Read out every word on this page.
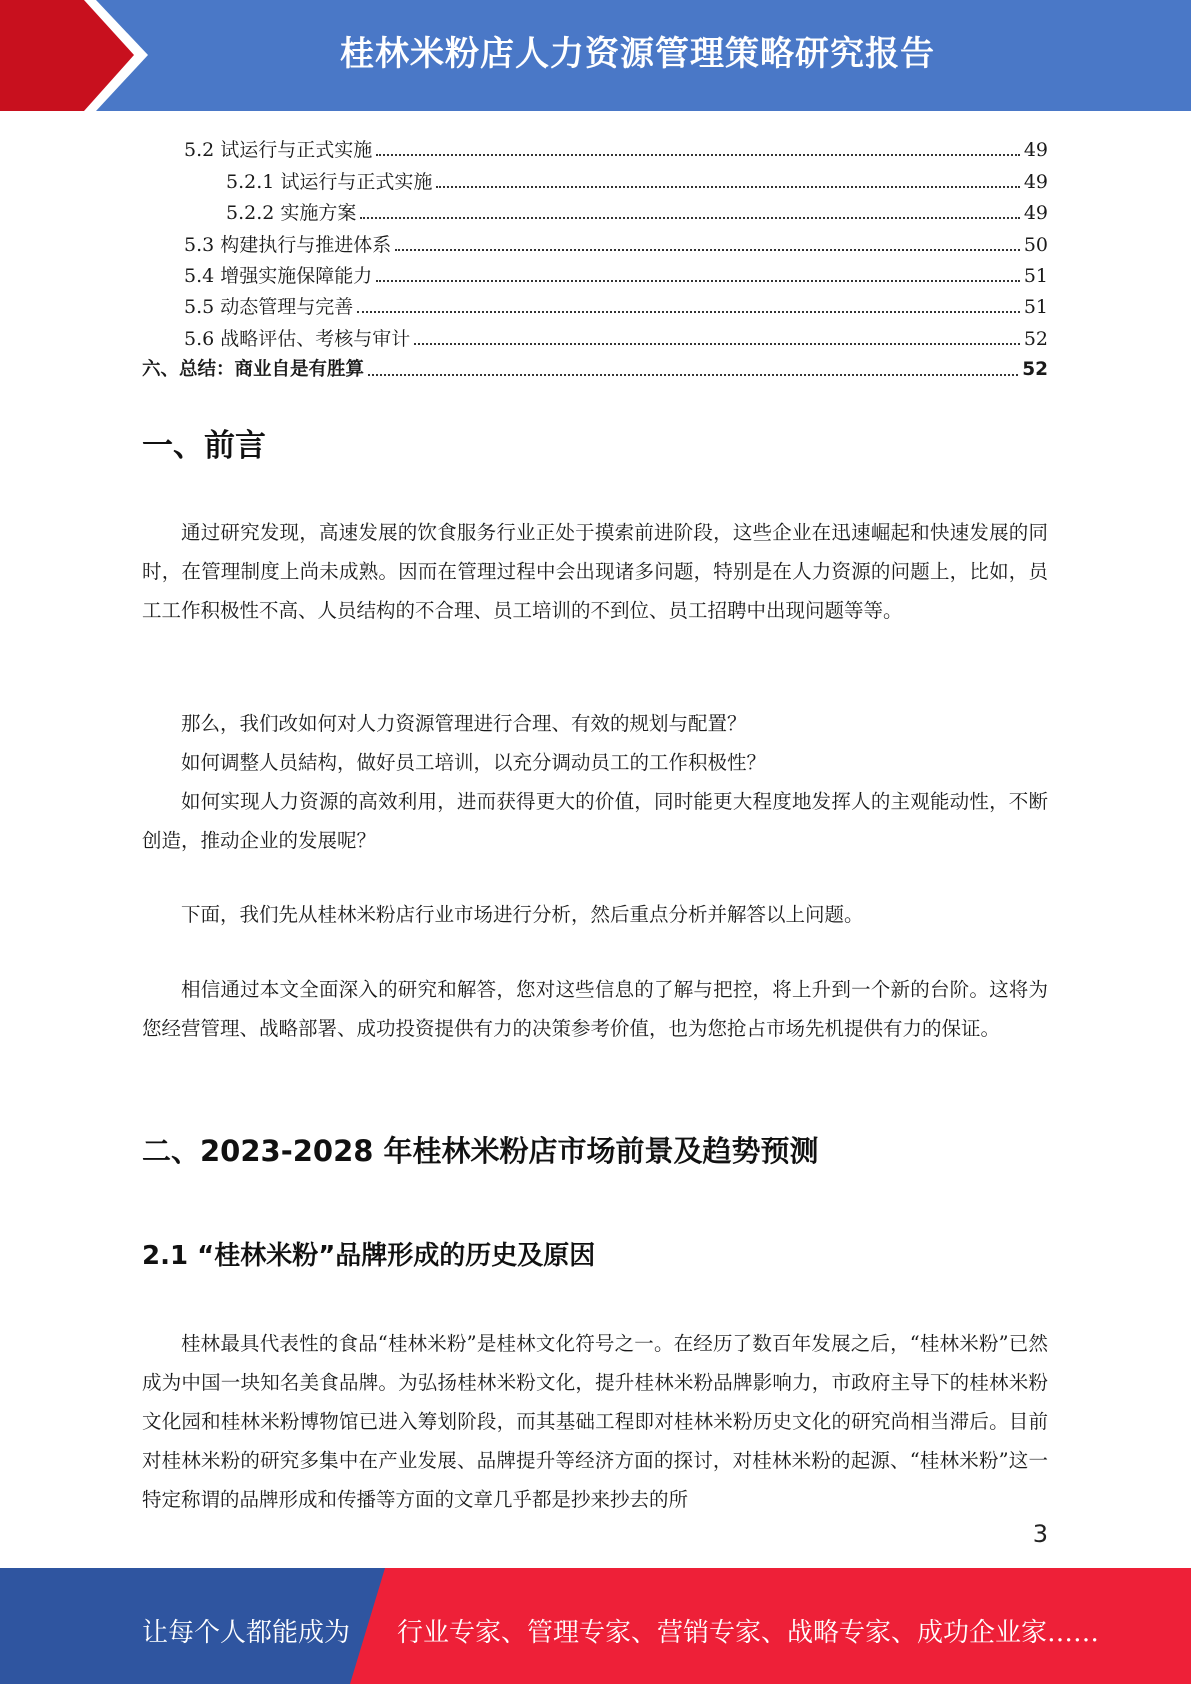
桂林米粉店人力资源管理策略研究报告
5.2 试运行与正式实施	49
5.2.1 试运行与正式实施	49
5.2.2 实施方案	49
5.3 构建执行与推进体系	50
5.4 增强实施保障能力	51
5.5 动态管理与完善	51
5.6 战略评估、考核与审计	52
六、总结：商业自是有胜算	52
一、前言

通过研究发现，高速发展的饮食服务行业正处于摸索前进阶段，这些企业在迅速崛起和快速发展的同时，在管理制度上尚未成熟。因而在管理过程中会出现诸多问题，特别是在人力资源的问题上，比如，员工工作积极性不高、人员结构的不合理、员工培训的不到位、员工招聘中出现问题等等。

那么，我们改如何对人力资源管理进行合理、有效的规划与配置？

如何调整人员結构，做好员工培训，以充分调动员工的工作积极性？

如何实现人力资源的高效利用，进而获得更大的价值，同时能更大程度地发挥人的主观能动性，不断创造，推动企业的发展呢？

下面，我们先从桂林米粉店行业市场进行分析，然后重点分析并解答以上问题。

相信通过本文全面深入的研究和解答，您对这些信息的了解与把控，将上升到一个新的台阶。这将为您经营管理、战略部署、成功投资提供有力的决策参考价值，也为您抢占市场先机提供有力的保证。

二、2023-2028 年桂林米粉店市场前景及趋势预测
2.1 “桂林米粉”品牌形成的历史及原因

桂林最具代表性的食品“桂林米粉”是桂林文化符号之一。在经历了数百年发展之后，“桂林米粉”已然成为中国一块知名美食品牌。为弘扬桂林米粉文化，提升桂林米粉品牌影响力，市政府主导下的桂林米粉文化园和桂林米粉博物馆已进入筹划阶段，而其基础工程即对桂林米粉历史文化的研究尚相当滞后。目前对桂林米粉的研究多集中在产业发展、品牌提升等经济方面的探讨，对桂林米粉的起源、“桂林米粉”这一特定称谓的品牌形成和传播等方面的文章几乎都是抄来抄去的所

3
让每个人都能成为 行业专家、管理专家、营销专家、战略专家、成功企业家……
